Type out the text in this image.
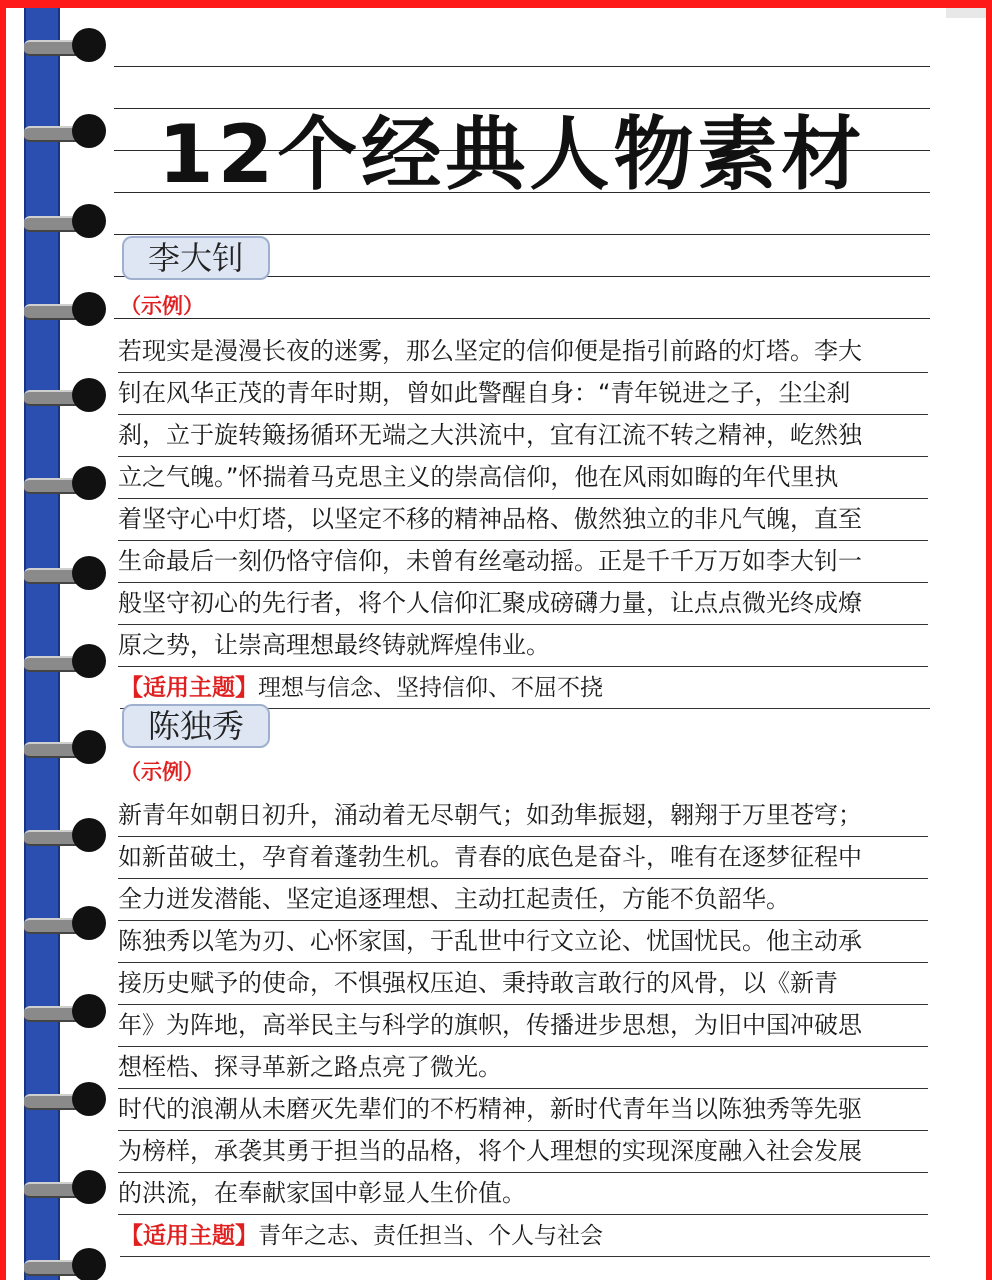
12个经典人物素材
李大钊
（示例）
若现实是漫漫长夜的迷雾，那么坚定的信仰便是指引前路的灯塔。李大
钊在风华正茂的青年时期，曾如此警醒自身：“青年锐进之子，尘尘刹
刹，立于旋转簸扬循环无端之大洪流中，宜有江流不转之精神，屹然独
立之气魄。”怀揣着马克思主义的崇高信仰，他在风雨如晦的年代里执
着坚守心中灯塔，以坚定不移的精神品格、傲然独立的非凡气魄，直至
生命最后一刻仍恪守信仰，未曾有丝毫动摇。正是千千万万如李大钊一
般坚守初心的先行者，将个人信仰汇聚成磅礴力量，让点点微光终成燎
原之势，让崇高理想最终铸就辉煌伟业。
【适用主题】理想与信念、坚持信仰、不屈不挠
陈独秀
（示例）
新青年如朝日初升，涌动着无尽朝气；如劲隼振翅，翱翔于万里苍穹；
如新苗破土，孕育着蓬勃生机。青春的底色是奋斗，唯有在逐梦征程中
全力迸发潜能、坚定追逐理想、主动扛起责任，方能不负韶华。
陈独秀以笔为刃、心怀家国，于乱世中行文立论、忧国忧民。他主动承
接历史赋予的使命，不惧强权压迫、秉持敢言敢行的风骨，以《新青
年》为阵地，高举民主与科学的旗帜，传播进步思想，为旧中国冲破思
想桎梏、探寻革新之路点亮了微光。
时代的浪潮从未磨灭先辈们的不朽精神，新时代青年当以陈独秀等先驱
为榜样，承袭其勇于担当的品格，将个人理想的实现深度融入社会发展
的洪流，在奉献家国中彰显人生价值。
【适用主题】青年之志、责任担当、个人与社会
